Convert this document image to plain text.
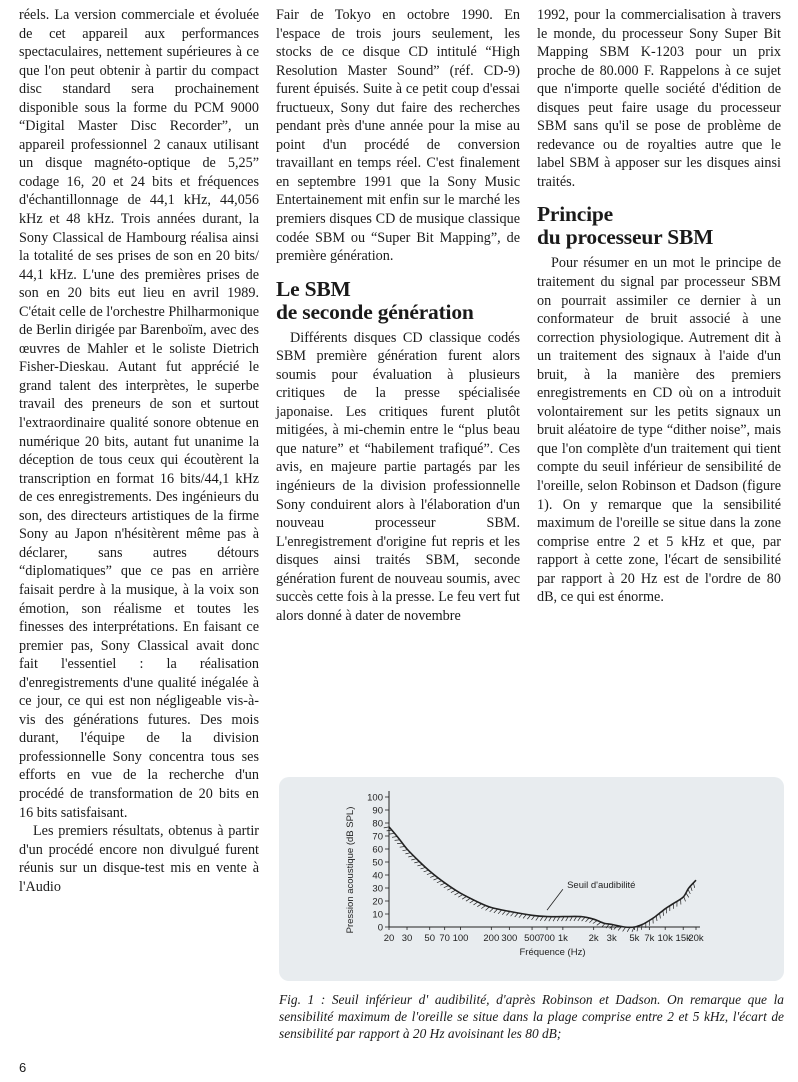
réels. La version commerciale et évoluée de cet appareil aux performances spectaculaires, nettement supérieures à ce que l'on peut obtenir à partir du compact disc standard sera prochainement disponible sous la forme du PCM 9000 “Digital Master Disc Recorder”, un appareil professionnel 2 canaux utilisant un disque magnéto-optique de 5,25” codage 16, 20 et 24 bits et fréquences d'échantillonnage de 44,1 kHz, 44,056 kHz et 48 kHz. Trois années durant, la Sony Classical de Hambourg réalisa ainsi la totalité de ses prises de son en 20 bits/ 44,1 kHz. L'une des premières prises de son en 20 bits eut lieu en avril 1989. C'était celle de l'orchestre Philharmonique de Berlin dirigée par Barenboïm, avec des œuvres de Mahler et le soliste Dietrich Fisher-Dieskau. Autant fut apprécié le grand talent des interprètes, le superbe travail des preneurs de son et surtout l'extraordinaire qualité sonore obtenue en numérique 20 bits, autant fut unanime la déception de tous ceux qui écoutèrent la transcription en format 16 bits/44,1 kHz de ces enregistrements. Des ingénieurs du son, des directeurs artistiques de la firme Sony au Japon n'hésitèrent même pas à déclarer, sans autres détours “diplomatiques” que ce pas en arrière faisait perdre à la musique, à la voix son émotion, son réalisme et toutes les finesses des interprétations. En faisant ce premier pas, Sony Classical avait donc fait l'essentiel : la réalisation d'enregistrements d'une qualité inégalée à ce jour, ce qui est non négligeable vis-à-vis des générations futures. Des mois durant, l'équipe de la division professionnelle Sony concentra tous ses efforts en vue de la recherche d'un procédé de transformation de 20 bits en 16 bits satisfaisant.

Les premiers résultats, obtenus à partir d'un procédé encore non divulgué furent réunis sur un disque-test mis en vente à l'Audio

Fair de Tokyo en octobre 1990. En l'espace de trois jours seulement, les stocks de ce disque CD intitulé “High Resolution Master Sound” (réf. CD-9) furent épuisés. Suite à ce petit coup d'essai fructueux, Sony dut faire des recherches pendant près d'une année pour la mise au point d'un procédé de conversion travaillant en temps réel. C'est finalement en septembre 1991 que la Sony Music Entertainement mit enfin sur le marché les premiers disques CD de musique classique codée SBM ou “Super Bit Mapping”, de première génération.

Le SBM
de seconde génération

Différents disques CD classique codés SBM première génération furent alors soumis pour évaluation à plusieurs critiques de la presse spécialisée japonaise. Les critiques furent plutôt mitigées, à mi-chemin entre le “plus beau que nature” et “habilement trafiqué”. Ces avis, en majeure partie partagés par les ingénieurs de la division professionnelle Sony conduirent alors à l'élaboration d'un nouveau processeur SBM. L'enregistrement d'origine fut repris et les disques ainsi traités SBM, seconde génération furent de nouveau soumis, avec succès cette fois à la presse. Le feu vert fut alors donné à dater de novembre

1992, pour la commercialisation à travers le monde, du processeur Sony Super Bit Mapping SBM K-1203 pour un prix proche de 80.000 F. Rappelons à ce sujet que n'importe quelle société d'édition de disques peut faire usage du processeur SBM sans qu'il se pose de problème de redevance ou de royalties autre que le label SBM à apposer sur les disques ainsi traités.

Principe
du processeur SBM

Pour résumer en un mot le principe de traitement du signal par processeur SBM on pourrait assimiler ce dernier à un conformateur de bruit associé à une correction physiologique. Autrement dit à un traitement des signaux à l'aide d'un bruit, à la manière des premiers enregistrements en CD où on a introduit volontairement sur les petits signaux un bruit aléatoire de type “dither noise”, mais que l'on complète d'un traitement qui tient compte du seuil inférieur de sensibilité de l'oreille, selon Robinson et Dadson (figure 1). On y remarque que la sensibilité maximum de l'oreille se situe dans la zone comprise entre 2 et 5 kHz et que, par rapport à cette zone, l'écart de sensibilité par rapport à 20 Hz est de l'ordre de 80 dB, ce qui est énorme.

0
10
20
30
40
50
60
70
80
90
100
20 30 50 70 100 200 300 500 700 1k 2k 3k 5k 7k 10k 15k
20k
Pression acoustique (dB SPL)
Fréquence (Hz)
Seuil d'audibilité
Fig. 1 : Seuil inférieur d' audibilité, d'après Robinson et Dadson. On remarque que la sensibilité maximum de l'oreille se situe dans la plage comprise entre 2 et 5 kHz, l'écart de sensibilité par rapport à 20 Hz avoisinant les 80 dB;
6
